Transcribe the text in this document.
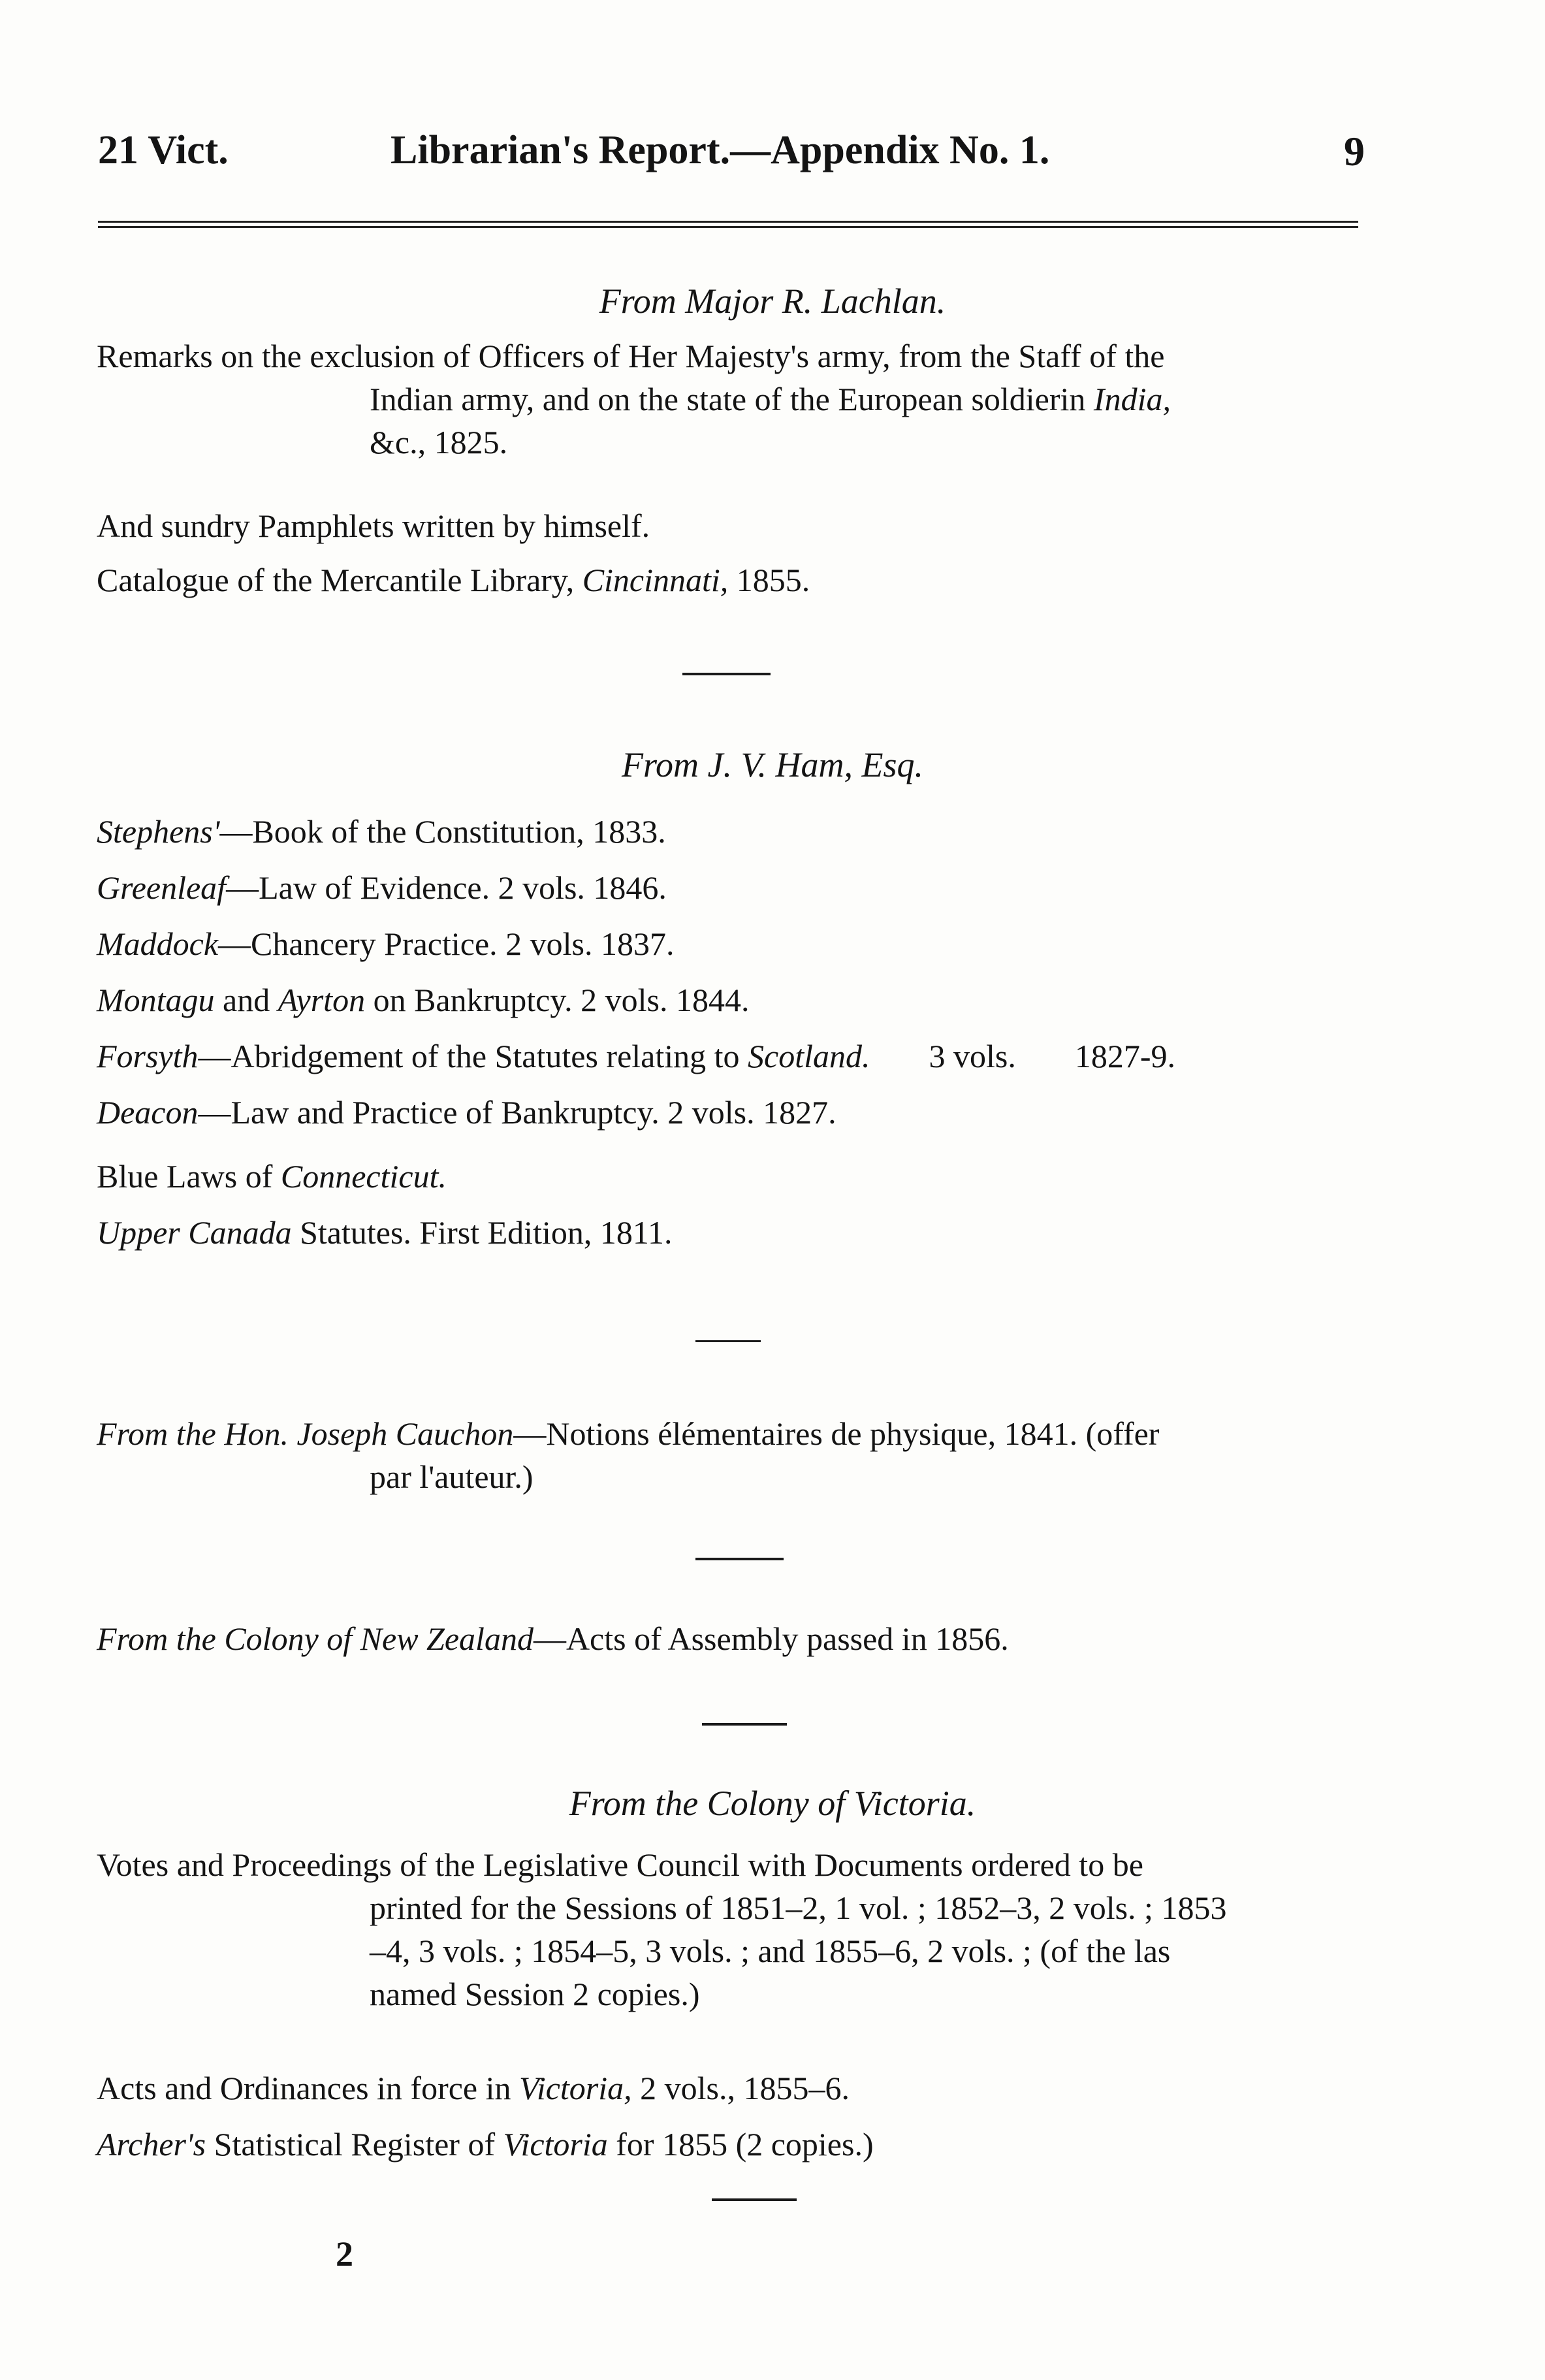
21 Vict.	Librarian's Report.—Appendix No. 1.	9
From Major R. Lachlan.
Remarks on the exclusion of Officers of Her Majesty's army, from the Staff of the
Indian army, and on the state of the European soldierin India,
&c., 1825.
And sundry Pamphlets written by himself.
Catalogue of the Mercantile Library, Cincinnati, 1855.
From J. V. Ham, Esq.
Stephens'—Book of the Constitution, 1833.
Greenleaf—Law of Evidence. 2 vols. 1846.
Maddock—Chancery Practice. 2 vols. 1837.
Montagu and Ayrton on Bankruptcy. 2 vols. 1844.
Forsyth—Abridgement of the Statutes relating to Scotland. 3 vols. 1827-9.
Deacon—Law and Practice of Bankruptcy. 2 vols. 1827.
Blue Laws of Connecticut.
Upper Canada Statutes. First Edition, 1811.
From the Hon. Joseph Cauchon—Notions élémentaires de physique, 1841. (offer
par l'auteur.)
From the Colony of New Zealand—Acts of Assembly passed in 1856.
From the Colony of Victoria.
Votes and Proceedings of the Legislative Council with Documents ordered to be
printed for the Sessions of 1851–2, 1 vol. ; 1852–3, 2 vols. ; 1853
–4, 3 vols. ; 1854–5, 3 vols. ; and 1855–6, 2 vols. ; (of the las
named Session 2 copies.)
Acts and Ordinances in force in Victoria, 2 vols., 1855–6.
Archer's Statistical Register of Victoria for 1855 (2 copies.)
2
